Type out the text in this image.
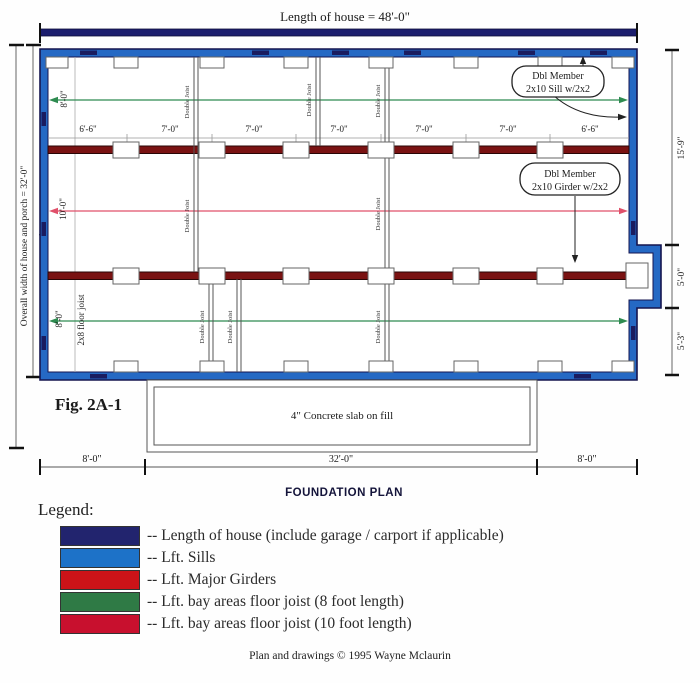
Length of house = 48'-0"
Overall width of house and porch = 32'-0"
15'-9"
5'-0"
5'-3"
8'-0"
6'-6"	7'-0"	7'-0"	7'-0"	7'-0"	7'-0"	6'-6"
10'-0"
8'-0" 2x8 floor joist
Double Joist
Double Joist
Double Joist	Double Joist
Double Joist
Double Joist
Double Joist	Double Joist
Dbl Member
2x10 Sill w/2x2
Dbl Member
2x10 Girder w/2x2
4" Concrete slab on fill
Fig. 2A-1
8'-0"	32'-0"	8'-0"
FOUNDATION PLAN
Legend:
-- Length of house (include garage / carport if applicable)
-- Lft. Sills
-- Lft. Major Girders
-- Lft. bay areas floor joist (8 foot length)
-- Lft. bay areas floor joist (10 foot length)
Plan and drawings © 1995 Wayne Mclaurin
